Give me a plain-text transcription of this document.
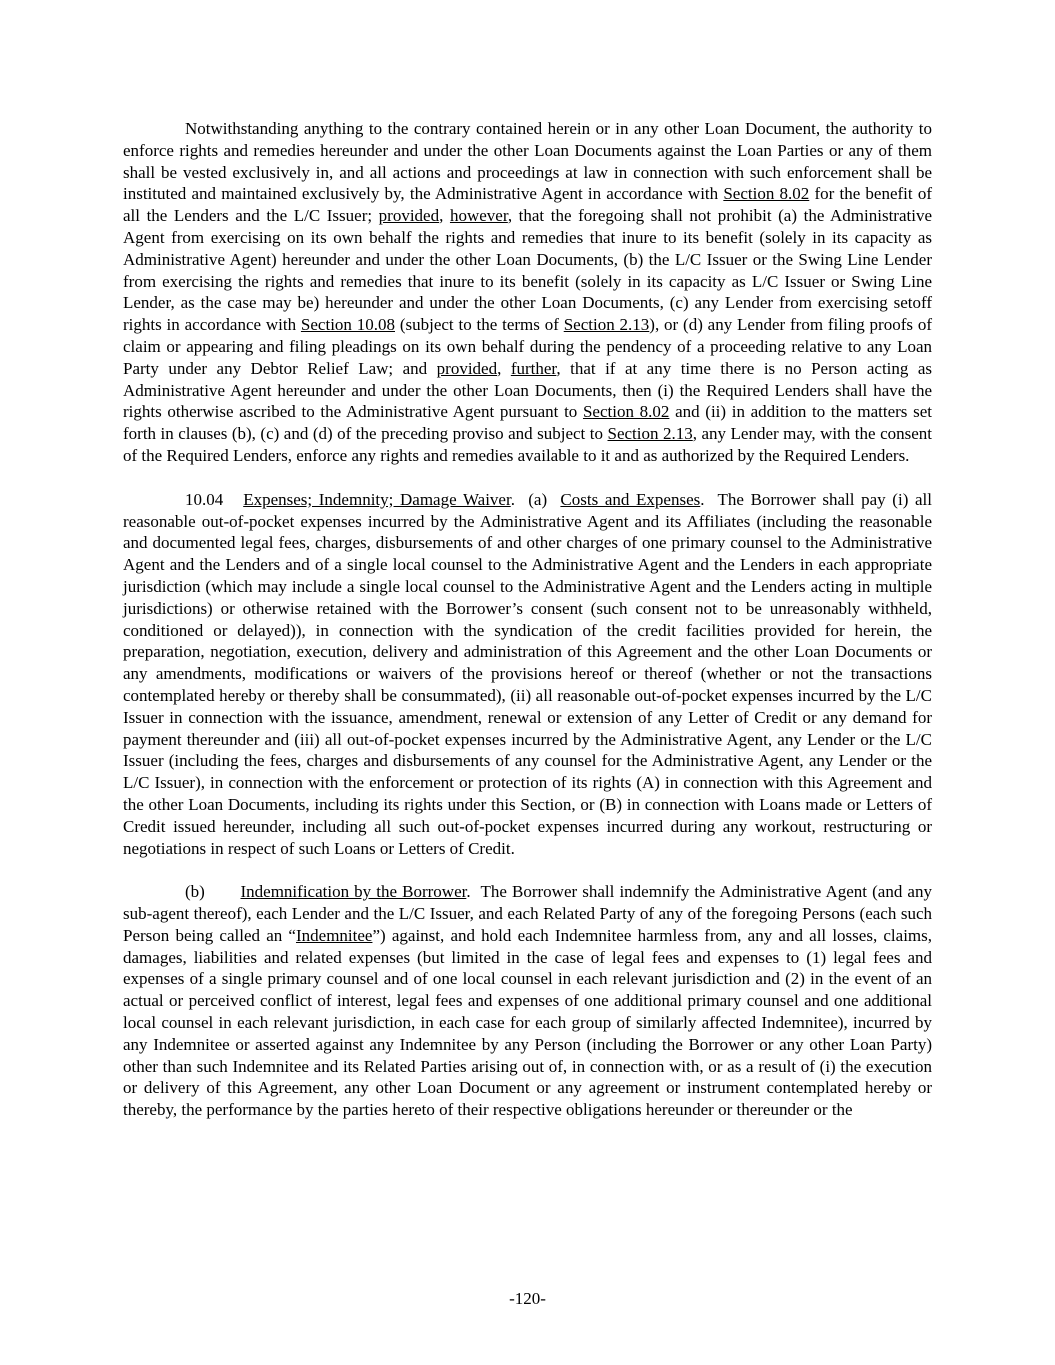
Notwithstanding anything to the contrary contained herein or in any other Loan Document, the authority to enforce rights and remedies hereunder and under the other Loan Documents against the Loan Parties or any of them shall be vested exclusively in, and all actions and proceedings at law in connection with such enforcement shall be instituted and maintained exclusively by, the Administrative Agent in accordance with Section 8.02 for the benefit of all the Lenders and the L/C Issuer; provided, however, that the foregoing shall not prohibit (a) the Administrative Agent from exercising on its own behalf the rights and remedies that inure to its benefit (solely in its capacity as Administrative Agent) hereunder and under the other Loan Documents, (b) the L/C Issuer or the Swing Line Lender from exercising the rights and remedies that inure to its benefit (solely in its capacity as L/C Issuer or Swing Line Lender, as the case may be) hereunder and under the other Loan Documents, (c) any Lender from exercising setoff rights in accordance with Section 10.08 (subject to the terms of Section 2.13), or (d) any Lender from filing proofs of claim or appearing and filing pleadings on its own behalf during the pendency of a proceeding relative to any Loan Party under any Debtor Relief Law; and provided, further, that if at any time there is no Person acting as Administrative Agent hereunder and under the other Loan Documents, then (i) the Required Lenders shall have the rights otherwise ascribed to the Administrative Agent pursuant to Section 8.02 and (ii) in addition to the matters set forth in clauses (b), (c) and (d) of the preceding proviso and subject to Section 2.13, any Lender may, with the consent of the Required Lenders, enforce any rights and remedies available to it and as authorized by the Required Lenders.

10.04   Expenses; Indemnity; Damage Waiver.  (a)  Costs and Expenses.  The Borrower shall pay (i) all reasonable out-of-pocket expenses incurred by the Administrative Agent and its Affiliates (including the reasonable and documented legal fees, charges, disbursements of and other charges of one primary counsel to the Administrative Agent and the Lenders and of a single local counsel to the Administrative Agent and the Lenders in each appropriate jurisdiction (which may include a single local counsel to the Administrative Agent and the Lenders acting in multiple jurisdictions) or otherwise retained with the Borrower’s consent (such consent not to be unreasonably withheld, conditioned or delayed)), in connection with the syndication of the credit facilities provided for herein, the preparation, negotiation, execution, delivery and administration of this Agreement and the other Loan Documents or any amendments, modifications or waivers of the provisions hereof or thereof (whether or not the transactions contemplated hereby or thereby shall be consummated), (ii) all reasonable out-of-pocket expenses incurred by the L/C Issuer in connection with the issuance, amendment, renewal or extension of any Letter of Credit or any demand for payment thereunder and (iii) all out-of-pocket expenses incurred by the Administrative Agent, any Lender or the L/C Issuer (including the fees, charges and disbursements of any counsel for the Administrative Agent, any Lender or the L/C Issuer), in connection with the enforcement or protection of its rights (A) in connection with this Agreement and the other Loan Documents, including its rights under this Section, or (B) in connection with Loans made or Letters of Credit issued hereunder, including all such out-of-pocket expenses incurred during any workout, restructuring or negotiations in respect of such Loans or Letters of Credit.

(b)       Indemnification by the Borrower.  The Borrower shall indemnify the Administrative Agent (and any sub-agent thereof), each Lender and the L/C Issuer, and each Related Party of any of the foregoing Persons (each such Person being called an “Indemnitee”) against, and hold each Indemnitee harmless from, any and all losses, claims, damages, liabilities and related expenses (but limited in the case of legal fees and expenses to (1) legal fees and expenses of a single primary counsel and of one local counsel in each relevant jurisdiction and (2) in the event of an actual or perceived conflict of interest, legal fees and expenses of one additional primary counsel and one additional local counsel in each relevant jurisdiction, in each case for each group of similarly affected Indemnitee), incurred by any Indemnitee or asserted against any Indemnitee by any Person (including the Borrower or any other Loan Party) other than such Indemnitee and its Related Parties arising out of, in connection with, or as a result of (i) the execution or delivery of this Agreement, any other Loan Document or any agreement or instrument contemplated hereby or thereby, the performance by the parties hereto of their respective obligations hereunder or thereunder or the

-120-
